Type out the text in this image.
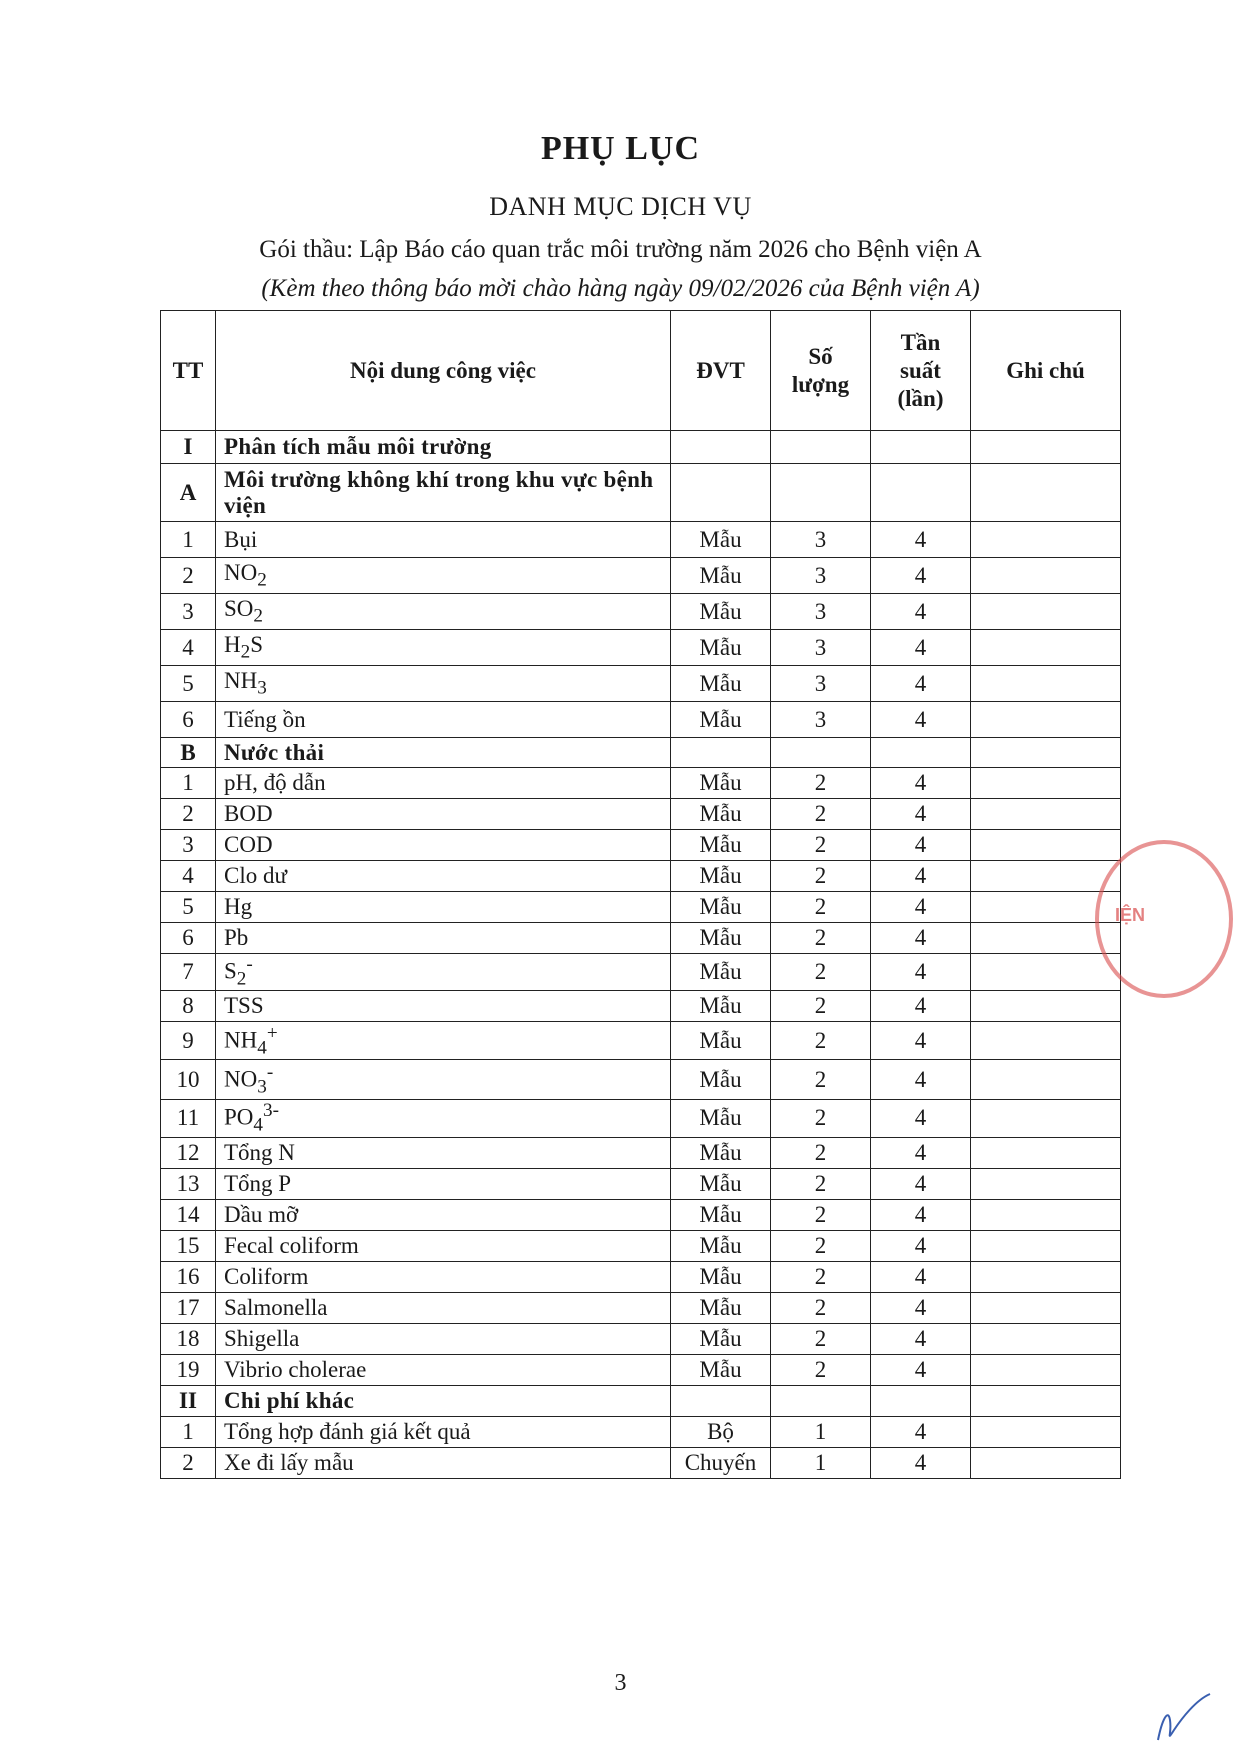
PHỤ LỤC
DANH MỤC DỊCH VỤ
Gói thầu: Lập Báo cáo quan trắc môi trường năm 2026 cho Bệnh viện A
(Kèm theo thông báo mời chào hàng ngày 09/02/2026 của Bệnh viện A)
TT	Nội dung công việc	ĐVT	Số lượng	Tần suất (lần)	Ghi chú
I	Phân tích mẫu môi trường				
A	Môi trường không khí trong khu vực bệnh viện				
1	Bụi	Mẫu	3	4	
2	$NO_2$	Mẫu	3	4	
3	$SO_2$	Mẫu	3	4	
4	$H_2S$	Mẫu	3	4	
5	$NH_3$	Mẫu	3	4	
6	Tiếng ồn	Mẫu	3	4	
B	Nước thải				
1	pH, độ dẫn	Mẫu	2	4	
2	BOD	Mẫu	2	4	
3	COD	Mẫu	2	4	
4	Clo dư	Mẫu	2	4	
5	Hg	Mẫu	2	4	
6	Pb	Mẫu	2	4	
7	$S_2^-$	Mẫu	2	4	
8	TSS	Mẫu	2	4	
9	$NH_4^+$	Mẫu	2	4	
10	$NO_3^-$	Mẫu	2	4	
11	$PO_4^{3-}$	Mẫu	2	4	
12	Tổng N	Mẫu	2	4	
13	Tổng P	Mẫu	2	4	
14	Dầu mỡ	Mẫu	2	4	
15	Fecal coliform	Mẫu	2	4	
16	Coliform	Mẫu	2	4	
17	Salmonella	Mẫu	2	4	
18	Shigella	Mẫu	2	4	
19	Vibrio cholerae	Mẫu	2	4	
II	Chi phí khác				
1	Tổng hợp đánh giá kết quả	Bộ	1	4	
2	Xe đi lấy mẫu	Chuyến	1	4	
IỆN
3
